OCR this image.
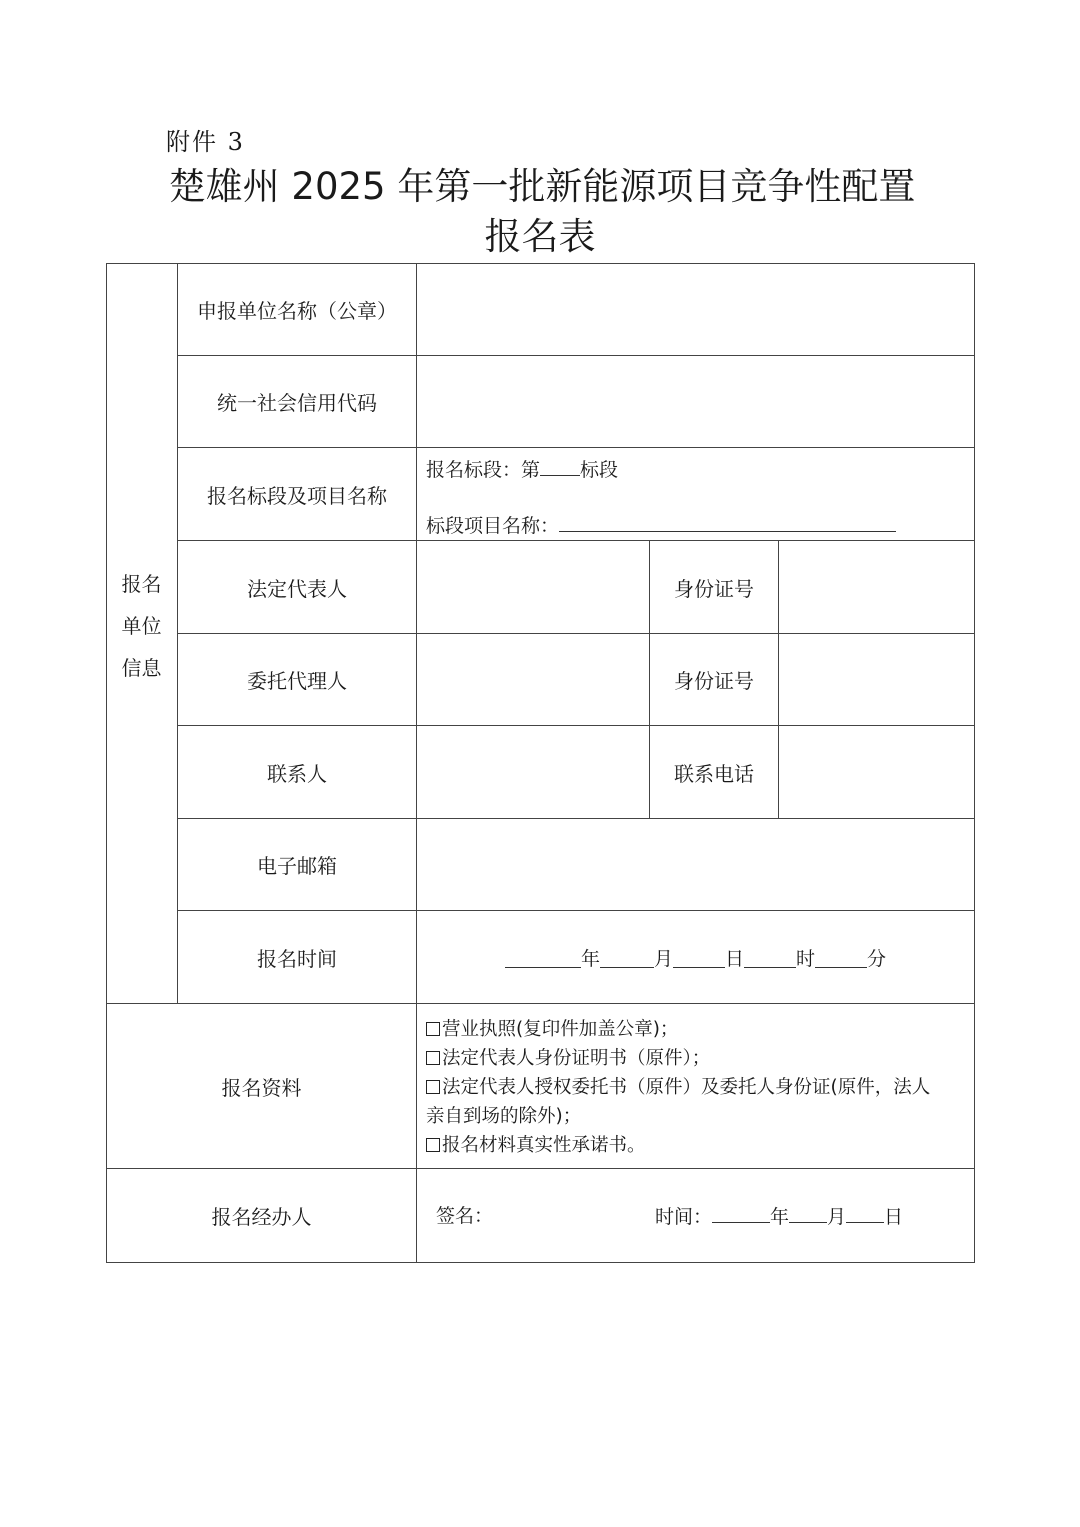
附件 3
楚雄州 2025 年第一批新能源项目竞争性配置
报名表
报名
单位
信息
申报单位名称（公章）
统一社会信用代码
报名标段及项目名称
报名标段：第 标段
标段项目名称：
法定代表人	身份证号
委托代理人	身份证号
联系人	联系电话
电子邮箱
报名时间	年	月	日	时	分
报名资料
营业执照(复印件加盖公章)；
法定代表人身份证明书（原件）；
法定代表人授权委托书（原件）及委托人身份证(原件，法人
亲自到场的除外)；
报名材料真实性承诺书。
报名经办人	签名：	时间：	年 月 日
